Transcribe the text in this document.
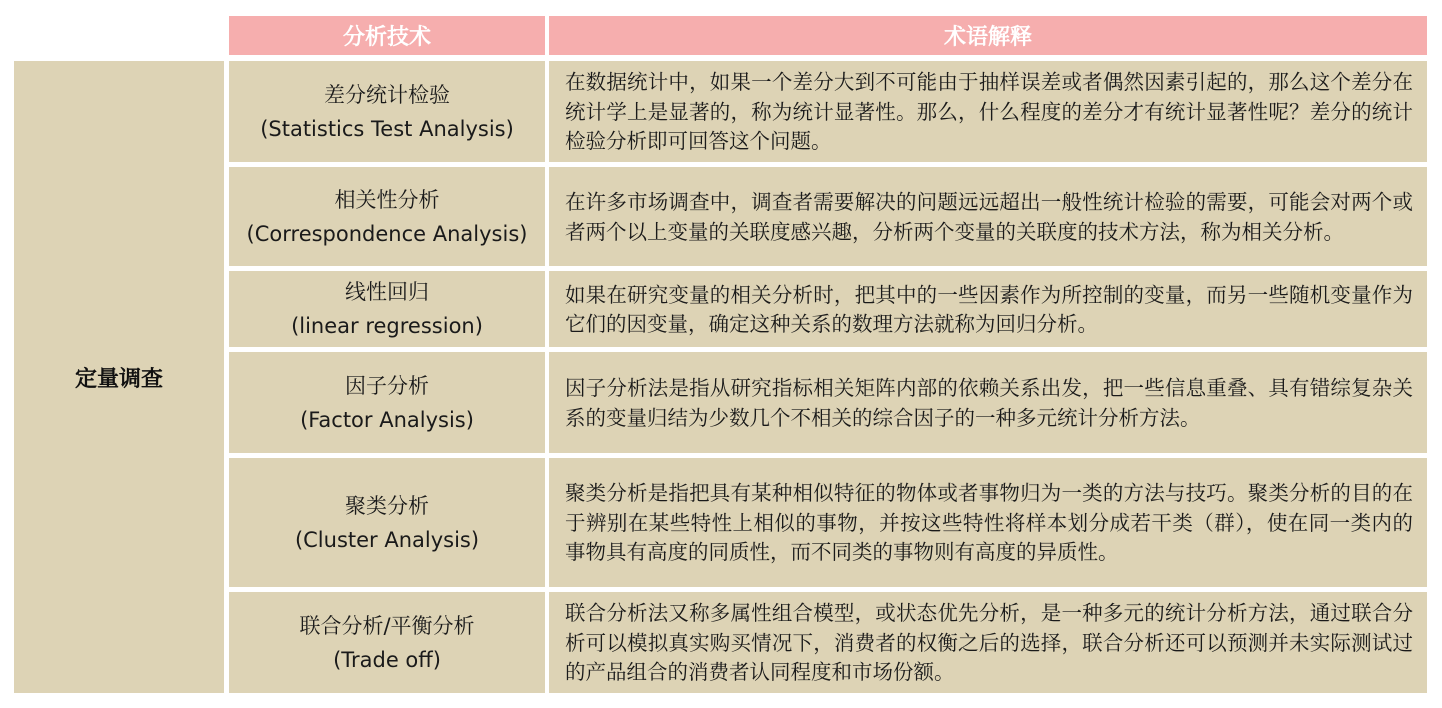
分析技术	术语解释
定量调查
差分统计检验
(Statistics Test Analysis)
在数据统计中，如果一个差分大到不可能由于抽样误差或者偶然因素引起的，那么这个差分在统计学上是显著的，称为统计显著性。那么，什么程度的差分才有统计显著性呢？差分的统计检验分析即可回答这个问题。
相关性分析
(Correspondence Analysis)
在许多市场调查中，调查者需要解决的问题远远超出一般性统计检验的需要，可能会对两个或者两个以上变量的关联度感兴趣，分析两个变量的关联度的技术方法，称为相关分析。
线性回归
(linear regression)
如果在研究变量的相关分析时，把其中的一些因素作为所控制的变量，而另一些随机变量作为它们的因变量，确定这种关系的数理方法就称为回归分析。
因子分析
(Factor Analysis)
因子分析法是指从研究指标相关矩阵内部的依赖关系出发，把一些信息重叠、具有错综复杂关系的变量归结为少数几个不相关的综合因子的一种多元统计分析方法。
聚类分析
(Cluster Analysis)
聚类分析是指把具有某种相似特征的物体或者事物归为一类的方法与技巧。聚类分析的目的在于辨别在某些特性上相似的事物，并按这些特性将样本划分成若干类（群），使在同一类内的事物具有高度的同质性，而不同类的事物则有高度的异质性。
联合分析/平衡分析
(Trade off)
联合分析法又称多属性组合模型，或状态优先分析，是一种多元的统计分析方法，通过联合分析可以模拟真实购买情况下，消费者的权衡之后的选择，联合分析还可以预测并未实际测试过的产品组合的消费者认同程度和市场份额。
